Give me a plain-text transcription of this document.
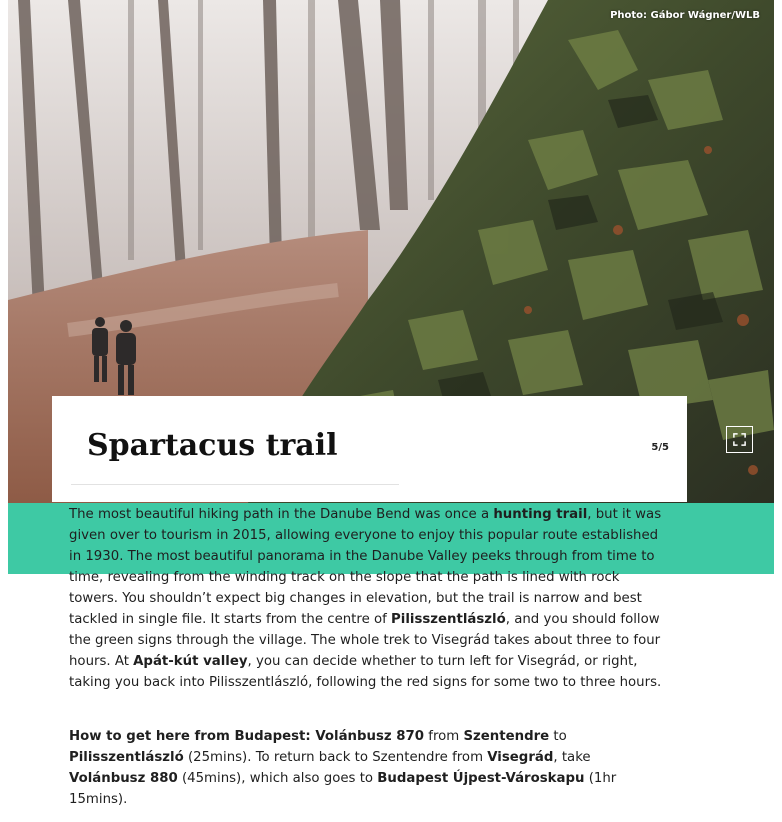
Photo: Gábor Wágner/WLB
Spartacus trail	5/5

The most beautiful hiking path in the Danube Bend was once a hunting trail, but it was given over to tourism in 2015, allowing everyone to enjoy this popular route established in 1930. The most beautiful panorama in the Danube Valley peeks through from time to time, revealing from the winding track on the slope that the path is lined with rock towers. You shouldn’t expect big changes in elevation, but the trail is narrow and best tackled in single file. It starts from the centre of Pilisszentlászló, and you should follow the green signs through the village. The whole trek to Visegrád takes about three to four hours. At Apát-kút valley, you can decide whether to turn left for Visegrád, or right, taking you back into Pilisszentlászló, following the red signs for some two to three hours.

How to get here from Budapest: Volánbusz 870 from Szentendre to Pilisszentlászló (25mins). To return back to Szentendre from Visegrád, take Volánbusz 880 (45mins), which also goes to Budapest Újpest-Városkapu (1hr 15mins).
